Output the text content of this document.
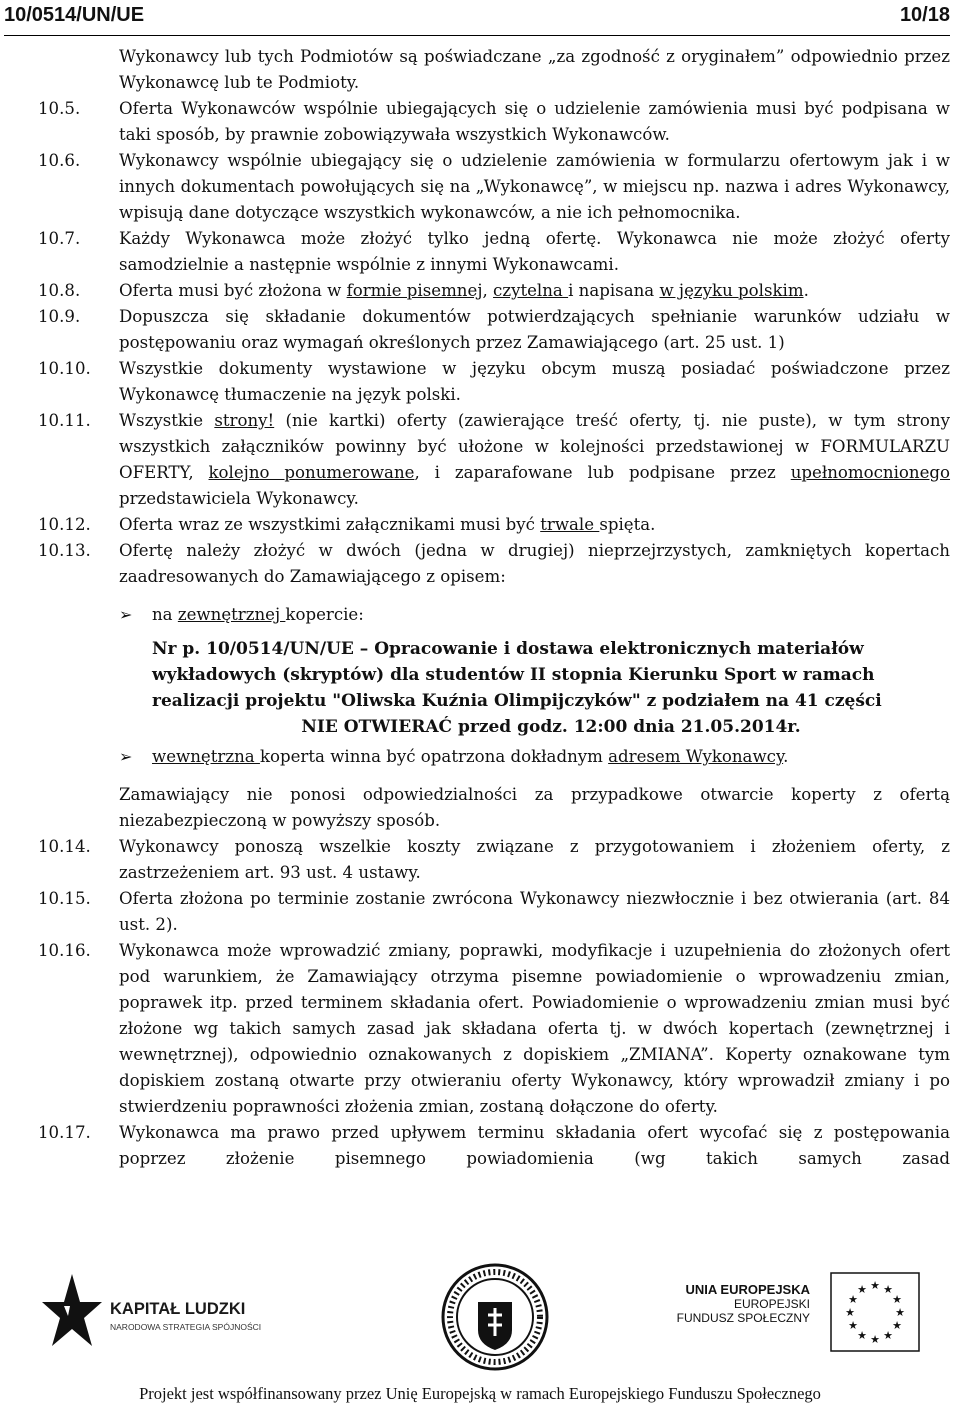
10/0514/UN/UE	10/18
Wykonawcy lub tych Podmiotów są poświadczane „za zgodność z oryginałem” odpowiednio przez Wykonawcę lub te Podmioty.
10.5.	Oferta Wykonawców wspólnie ubiegających się o udzielenie zamówienia musi być podpisana w taki sposób, by prawnie zobowiązywała wszystkich Wykonawców.
10.6.	Wykonawcy wspólnie ubiegający się o udzielenie zamówienia w formularzu ofertowym jak i w innych dokumentach powołujących się na „Wykonawcę”, w miejscu np. nazwa i adres Wykonawcy, wpisują dane dotyczące wszystkich wykonawców, a nie ich pełnomocnika.
10.7.	Każdy Wykonawca może złożyć tylko jedną ofertę. Wykonawca nie może złożyć oferty samodzielnie a następnie wspólnie z innymi Wykonawcami.
10.8.	Oferta musi być złożona w formie pisemnej, czytelna i napisana w języku polskim.
10.9.	Dopuszcza się składanie dokumentów potwierdzających spełnianie warunków udziału w postępowaniu oraz wymagań określonych przez Zamawiającego (art. 25 ust. 1)
10.10.	Wszystkie dokumenty wystawione w języku obcym muszą posiadać poświadczone przez Wykonawcę tłumaczenie na język polski.
10.11.	Wszystkie strony! (nie kartki) oferty (zawierające treść oferty, tj. nie puste), w tym strony wszystkich załączników powinny być ułożone w kolejności przedstawionej w FORMULARZU OFERTY, kolejno ponumerowane, i zaparafowane lub podpisane przez upełnomocnionego przedstawiciela Wykonawcy.
10.12.	Oferta wraz ze wszystkimi załącznikami musi być trwale spięta.
10.13.	Ofertę należy złożyć w dwóch (jedna w drugiej) nieprzejrzystych, zamkniętych kopertach zaadresowanych do Zamawiającego z opisem:
➢	na zewnętrznej kopercie:
Nr p. 10/0514/UN/UE – Opracowanie i dostawa elektronicznych materiałów
wykładowych (skryptów) dla studentów II stopnia Kierunku Sport w ramach
realizacji projektu "Oliwska Kuźnia Olimpijczyków" z podziałem na 41 części
NIE OTWIERAĆ przed godz. 12:00 dnia 21.05.2014r.
➢	wewnętrzna koperta winna być opatrzona dokładnym adresem Wykonawcy.
Zamawiający nie ponosi odpowiedzialności za przypadkowe otwarcie koperty z ofertą niezabezpieczoną w powyższy sposób.
10.14.	Wykonawcy ponoszą wszelkie koszty związane z przygotowaniem i złożeniem oferty, z zastrzeżeniem art. 93 ust. 4 ustawy.
10.15.	Oferta złożona po terminie zostanie zwrócona Wykonawcy niezwłocznie i bez otwierania (art. 84 ust. 2).
10.16.	Wykonawca może wprowadzić zmiany, poprawki, modyfikacje i uzupełnienia do złożonych ofert pod warunkiem, że Zamawiający otrzyma pisemne powiadomienie o wprowadzeniu zmian, poprawek itp. przed terminem składania ofert. Powiadomienie o wprowadzeniu zmian musi być złożone wg takich samych zasad jak składana oferta tj. w dwóch kopertach (zewnętrznej i wewnętrznej), odpowiednio oznakowanych z dopiskiem „ZMIANA”. Koperty oznakowane tym dopiskiem zostaną otwarte przy otwieraniu oferty Wykonawcy, który wprowadził zmiany i po stwierdzeniu poprawności złożenia zmian, zostaną dołączone do oferty.
10.17.	Wykonawca ma prawo przed upływem terminu składania ofert wycofać się z postępowania poprzez złożenie pisemnego powiadomienia (wg takich samych zasad
KAPITAŁ LUDZKI
NARODOWA STRATEGIA SPÓJNOŚCI
UNIA EUROPEJSKA
EUROPEJSKI
FUNDUSZ SPOŁECZNY
★ ★
★
★
★
★
★
★
★
★
★
★
Projekt jest współfinansowany przez Unię Europejską w ramach Europejskiego Funduszu Społecznego
